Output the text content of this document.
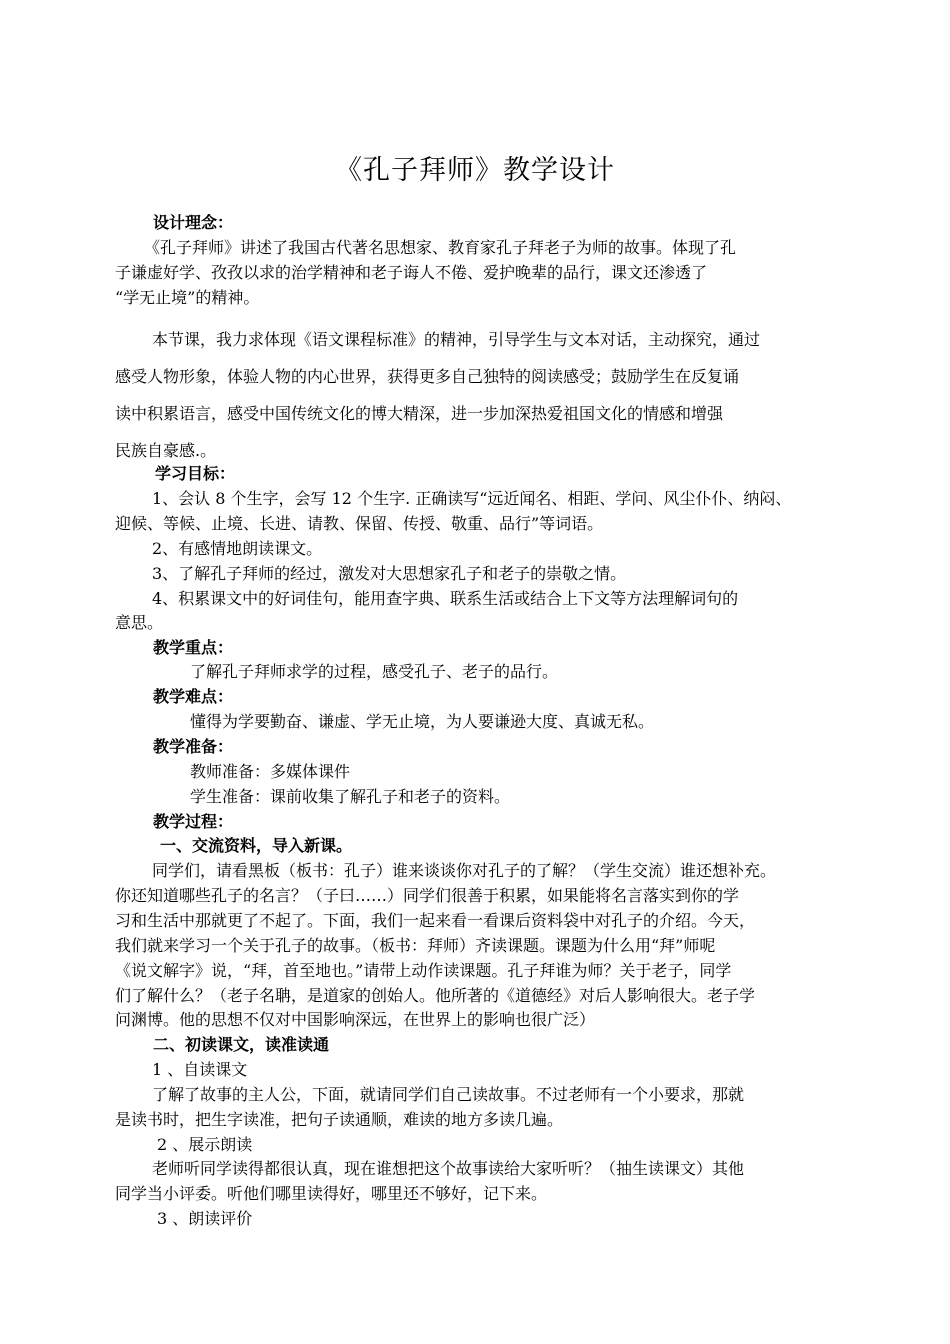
《孔子拜师》教学设计
设计理念：
《孔子拜师》讲述了我国古代著名思想家、教育家孔子拜老子为师的故事。体现了孔
子谦虚好学、孜孜以求的治学精神和老子诲人不倦、爱护晚辈的品行，课文还渗透了
“学无止境”的精神。
本节课，我力求体现《语文课程标准》的精神，引导学生与文本对话，主动探究，通过
感受人物形象，体验人物的内心世界，获得更多自己独特的阅读感受；鼓励学生在反复诵
读中积累语言，感受中国传统文化的博大精深，进一步加深热爱祖国文化的情感和增强
民族自豪感.。
学习目标：
1、会认 8 个生字，会写 12 个生字. 正确读写“远近闻名、相距、学问、风尘仆仆、纳闷、
迎候、等候、止境、长进、请教、保留、传授、敬重、品行”等词语。
2、有感情地朗读课文。
3、了解孔子拜师的经过，激发对大思想家孔子和老子的崇敬之情。
4、积累课文中的好词佳句，能用查字典、联系生活或结合上下文等方法理解词句的
意思。
教学重点：
了解孔子拜师求学的过程，感受孔子、老子的品行。
教学难点：
懂得为学要勤奋、谦虚、学无止境，为人要谦逊大度、真诚无私。
教学准备：
教师准备：多媒体课件
学生准备：课前收集了解孔子和老子的资料。
教学过程：
一、交流资料，导入新课。
同学们，请看黑板（板书：孔子）谁来谈谈你对孔子的了解？（学生交流）谁还想补充。
你还知道哪些孔子的名言？（子曰……）同学们很善于积累，如果能将名言落实到你的学
习和生活中那就更了不起了。下面，我们一起来看一看课后资料袋中对孔子的介绍。今天，
我们就来学习一个关于孔子的故事。（板书：拜师）齐读课题。课题为什么用“拜”师呢
《说文解字》说，“拜，首至地也。”请带上动作读课题。孔子拜谁为师？关于老子，同学
们了解什么？（老子名聃，是道家的创始人。他所著的《道德经》对后人影响很大。老子学
问渊博。他的思想不仅对中国影响深远，在世界上的影响也很广泛）
二、初读课文，读准读通
1 、自读课文
了解了故事的主人公，下面，就请同学们自己读故事。不过老师有一个小要求，那就
是读书时，把生字读准，把句子读通顺，难读的地方多读几遍。
2 、展示朗读
老师听同学读得都很认真，现在谁想把这个故事读给大家听听？（抽生读课文）其他
同学当小评委。听他们哪里读得好，哪里还不够好，记下来。
3 、朗读评价
